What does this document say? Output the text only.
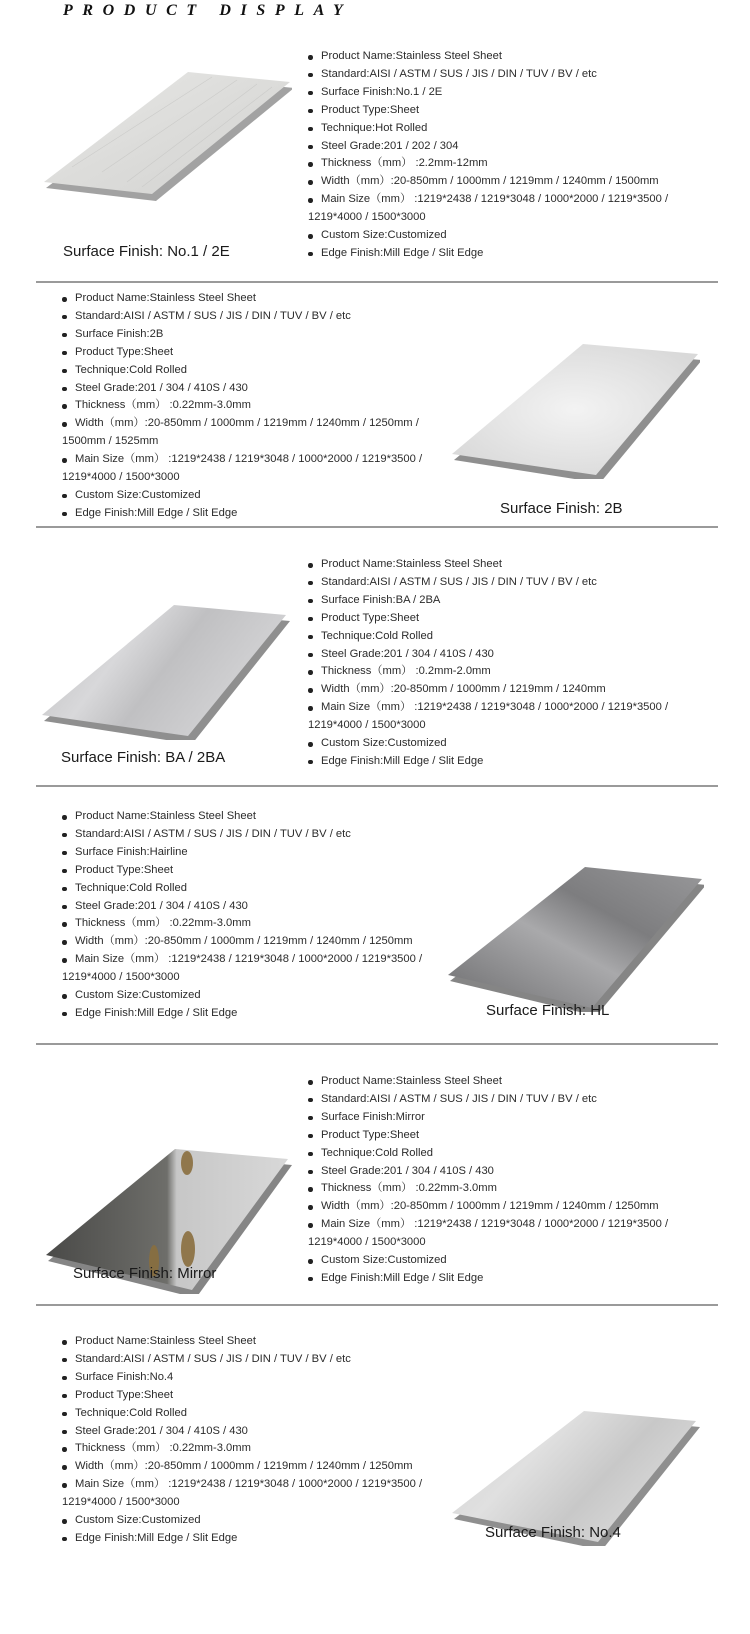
PRODUCT DISPLAY
Surface Finish: No.1 / 2E
Product Name:Stainless Steel Sheet
Standard:AISI / ASTM / SUS / JIS / DIN / TUV / BV / etc
Surface Finish:No.1 / 2E
Product Type:Sheet
Technique:Hot Rolled
Steel Grade:201 / 202 / 304
Thickness（mm） :2.2mm-12mm
Width（mm）:20-850mm / 1000mm / 1219mm / 1240mm / 1500mm
Main Size（mm） :1219*2438 / 1219*3048 / 1000*2000 / 1219*3500 /
1219*4000 / 1500*3000
Custom Size:Customized
Edge Finish:Mill Edge / Slit Edge
Product Name:Stainless Steel Sheet
Standard:AISI / ASTM / SUS / JIS / DIN / TUV / BV / etc
Surface Finish:2B
Product Type:Sheet
Technique:Cold Rolled
Steel Grade:201 / 304 / 410S / 430
Thickness（mm） :0.22mm-3.0mm
Width（mm）:20-850mm / 1000mm / 1219mm / 1240mm / 1250mm /
1500mm / 1525mm
Main Size（mm） :1219*2438 / 1219*3048 / 1000*2000 / 1219*3500 /
1219*4000 / 1500*3000
Custom Size:Customized
Edge Finish:Mill Edge / Slit Edge	Surface Finish: 2B
Surface Finish: BA / 2BA
Product Name:Stainless Steel Sheet
Standard:AISI / ASTM / SUS / JIS / DIN / TUV / BV / etc
Surface Finish:BA / 2BA
Product Type:Sheet
Technique:Cold Rolled
Steel Grade:201 / 304 / 410S / 430
Thickness（mm） :0.2mm-2.0mm
Width（mm）:20-850mm / 1000mm / 1219mm / 1240mm
Main Size（mm） :1219*2438 / 1219*3048 / 1000*2000 / 1219*3500 /
1219*4000 / 1500*3000
Custom Size:Customized
Edge Finish:Mill Edge / Slit Edge
Product Name:Stainless Steel Sheet
Standard:AISI / ASTM / SUS / JIS / DIN / TUV / BV / etc
Surface Finish:Hairline
Product Type:Sheet
Technique:Cold Rolled
Steel Grade:201 / 304 / 410S / 430
Thickness（mm） :0.22mm-3.0mm
Width（mm）:20-850mm / 1000mm / 1219mm / 1240mm / 1250mm
Main Size（mm） :1219*2438 / 1219*3048 / 1000*2000 / 1219*3500 /
1219*4000 / 1500*3000
Custom Size:Customized
Edge Finish:Mill Edge / Slit Edge	Surface Finish: HL
Surface Finish: Mirror
Product Name:Stainless Steel Sheet
Standard:AISI / ASTM / SUS / JIS / DIN / TUV / BV / etc
Surface Finish:Mirror
Product Type:Sheet
Technique:Cold Rolled
Steel Grade:201 / 304 / 410S / 430
Thickness（mm） :0.22mm-3.0mm
Width（mm）:20-850mm / 1000mm / 1219mm / 1240mm / 1250mm
Main Size（mm） :1219*2438 / 1219*3048 / 1000*2000 / 1219*3500 /
1219*4000 / 1500*3000
Custom Size:Customized
Edge Finish:Mill Edge / Slit Edge
Product Name:Stainless Steel Sheet
Standard:AISI / ASTM / SUS / JIS / DIN / TUV / BV / etc
Surface Finish:No.4
Product Type:Sheet
Technique:Cold Rolled
Steel Grade:201 / 304 / 410S / 430
Thickness（mm） :0.22mm-3.0mm
Width（mm）:20-850mm / 1000mm / 1219mm / 1240mm / 1250mm
Main Size（mm） :1219*2438 / 1219*3048 / 1000*2000 / 1219*3500 /
1219*4000 / 1500*3000
Custom Size:Customized
Edge Finish:Mill Edge / Slit Edge	Surface Finish: No.4
